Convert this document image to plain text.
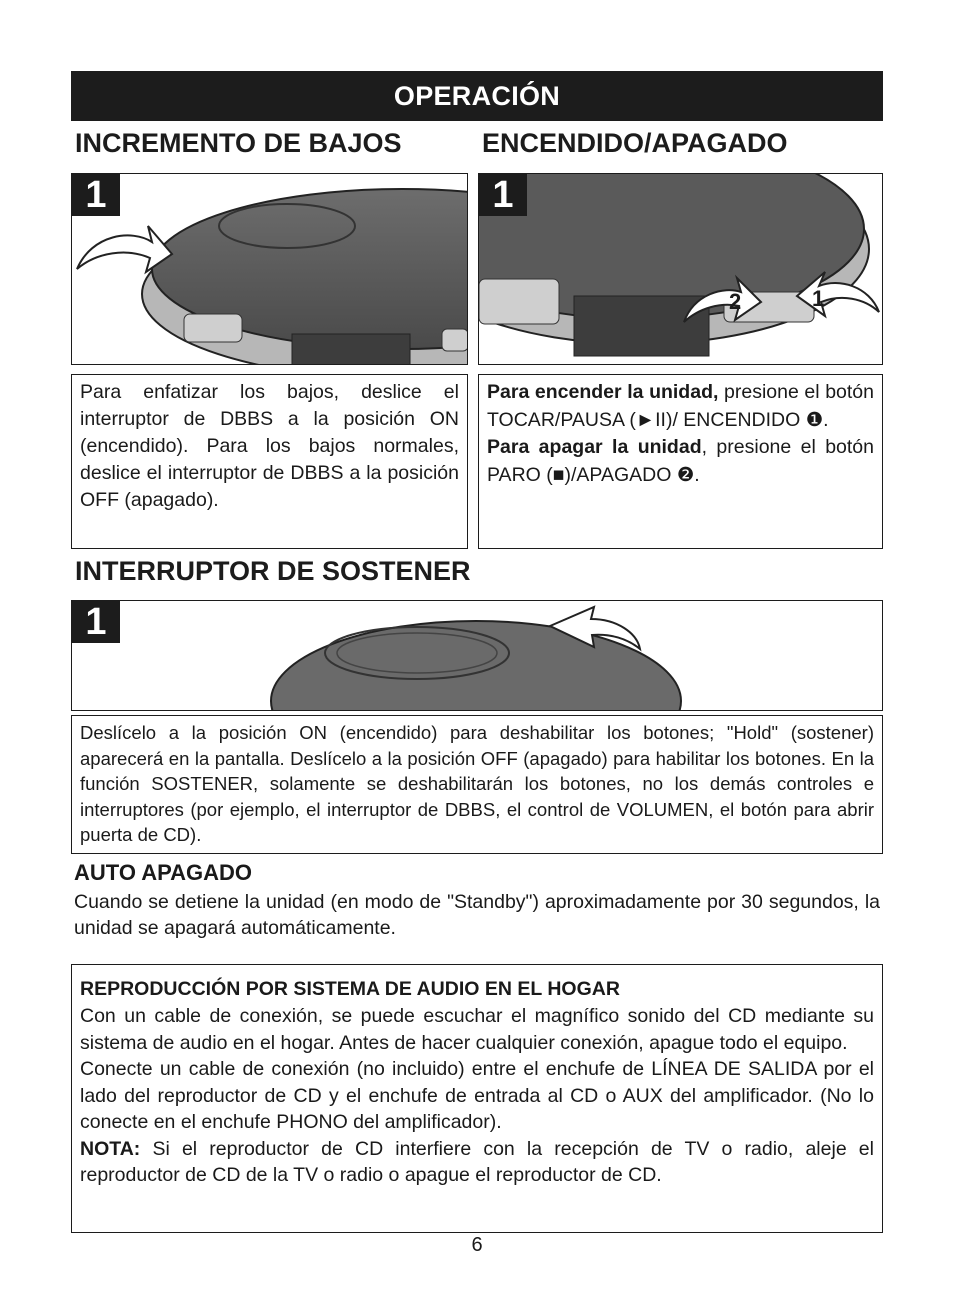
OPERACIÓN
INCREMENTO DE BAJOS	ENCENDIDO/APAGADO
1
2	1
1
Para enfatizar los bajos, deslice el interruptor de DBBS a la posición ON (encendido). Para los bajos normales, deslice el interruptor de DBBS a la posición OFF (apagado).
Para encender la unidad, presione el botón TOCAR/PAUSA (►II)/ ENCENDIDO ❶.
Para apagar la unidad, presione el botón PARO (■)/APAGADO ❷.
INTERRUPTOR DE SOSTENER
1
Deslícelo a la posición ON (encendido) para deshabilitar los botones; "Hold" (sostener) aparecerá en la pantalla. Deslícelo a la posición OFF (apagado) para habilitar los botones. En la función SOSTENER, solamente se deshabilitarán los botones, no los demás controles e interruptores (por ejemplo, el interruptor de DBBS, el control de VOLUMEN, el botón para abrir puerta de CD).
AUTO APAGADO
Cuando se detiene la unidad (en modo de "Standby") aproximadamente por 30 segundos, la unidad se apagará automáticamente.
REPRODUCCIÓN POR SISTEMA DE AUDIO EN EL HOGAR
Con un cable de conexión, se puede escuchar el magnífico sonido del CD mediante su sistema de audio en el hogar. Antes de hacer cualquier conexión, apague todo el equipo.
Conecte un cable de conexión (no incluido) entre el enchufe de LÍNEA DE SALIDA por el lado del reproductor de CD y el enchufe de entrada al CD o AUX del amplificador. (No lo conecte en el enchufe PHONO del amplificador).
NOTA: Si el reproductor de CD interfiere con la recepción de TV o radio, aleje el reproductor de CD de la TV o radio o apague el reproductor de CD.
6
